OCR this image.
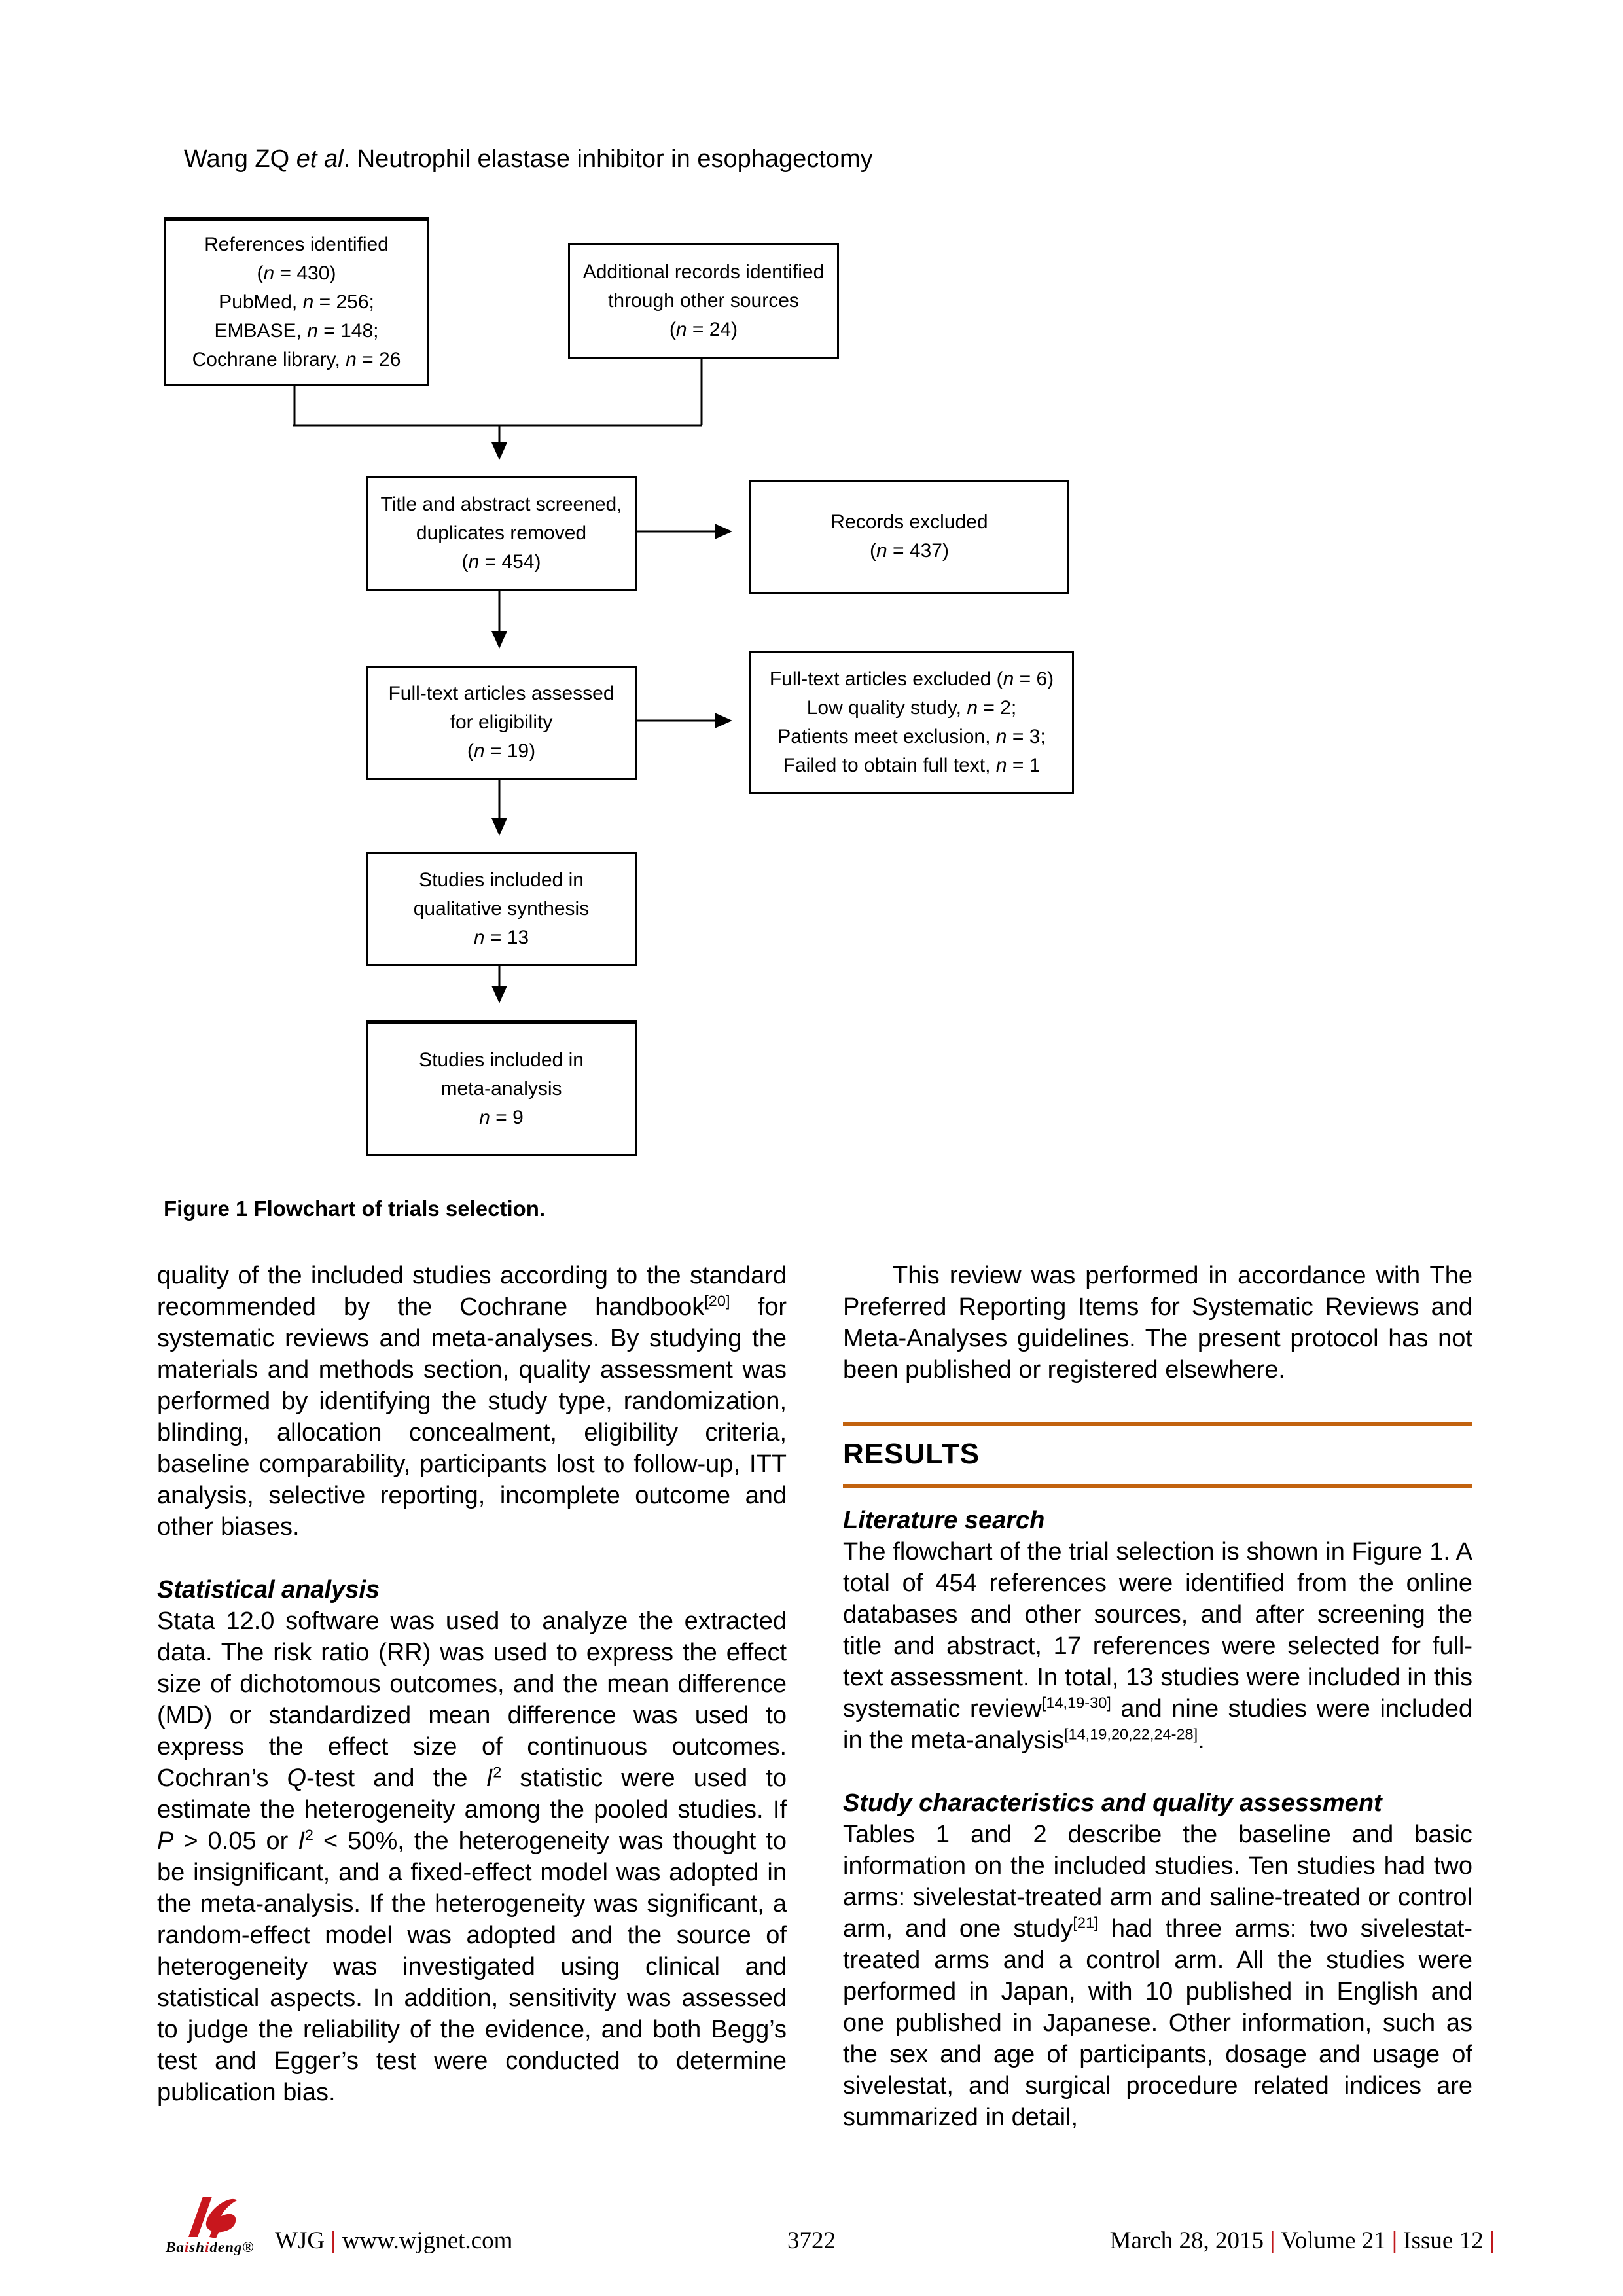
Wang ZQ et al. Neutrophil elastase inhibitor in esophagectomy
References identified
(n = 430)
PubMed, n = 256;
EMBASE, n = 148;
Cochrane library, n = 26
Additional records identified
through other sources
(n = 24)
Title and abstract screened,
duplicates removed
(n = 454)
Records excluded
(n = 437)
Full-text articles assessed
for eligibility
(n = 19)
Full-text articles excluded (n = 6)
Low quality study, n = 2;
Patients meet exclusion, n = 3;
Failed to obtain full text, n = 1
Studies included in
qualitative synthesis
n = 13
Studies included in
meta-analysis
n = 9
Figure 1 Flowchart of trials selection.

quality of the included studies according to the standard recommended by the Cochrane handbook[20] for systematic reviews and meta-analyses. By studying the materials and methods section, quality assessment was performed by identifying the study type, randomization, blinding, allocation concealment, eligibility criteria, baseline comparability, participants lost to follow-up, ITT analysis, selective reporting, incomplete outcome and other biases.

Statistical analysis

Stata 12.0 software was used to analyze the extracted data. The risk ratio (RR) was used to express the effect size of dichotomous outcomes, and the mean difference (MD) or standardized mean difference was used to express the effect size of continuous outcomes. Cochran’s Q-test and the $I^2$ statistic were used to estimate the heterogeneity among the pooled studies. If P > 0.05 or $I^2 < 50\%$, the heterogeneity was thought to be insignificant, and a fixed-effect model was adopted in the meta-analysis. If the heterogeneity was significant, a random-effect model was adopted and the source of heterogeneity was investigated using clinical and statistical aspects. In addition, sensitivity was assessed to judge the reliability of the evidence, and both Begg’s test and Egger’s test were conducted to determine publication bias.

This review was performed in accordance with The Preferred Reporting Items for Systematic Reviews and Meta-Analyses guidelines. The present protocol has not been published or registered elsewhere.

RESULTS
Literature search

The flowchart of the trial selection is shown in Figure 1. A total of 454 references were identified from the online databases and other sources, and after screening the title and abstract, 17 references were selected for full-text assessment. In total, 13 studies were included in this systematic review[14,19-30] and nine studies were included in the meta-analysis[14,19,20,22,24-28].

Study characteristics and quality assessment

Tables 1 and 2 describe the baseline and basic information on the included studies. Ten studies had two arms: sivelestat-treated arm and saline-treated or control arm, and one study[21] had three arms: two sivelestat-treated arms and a control arm. All the studies were performed in Japan, with 10 published in English and one published in Japanese. Other information, such as the sex and age of participants, dosage and usage of sivelestat, and surgical procedure related indices are summarized in detail,

Baishideng® WJG | www.wjgnet.com	3722	March 28, 2015 | Volume 21 | Issue 12 |
